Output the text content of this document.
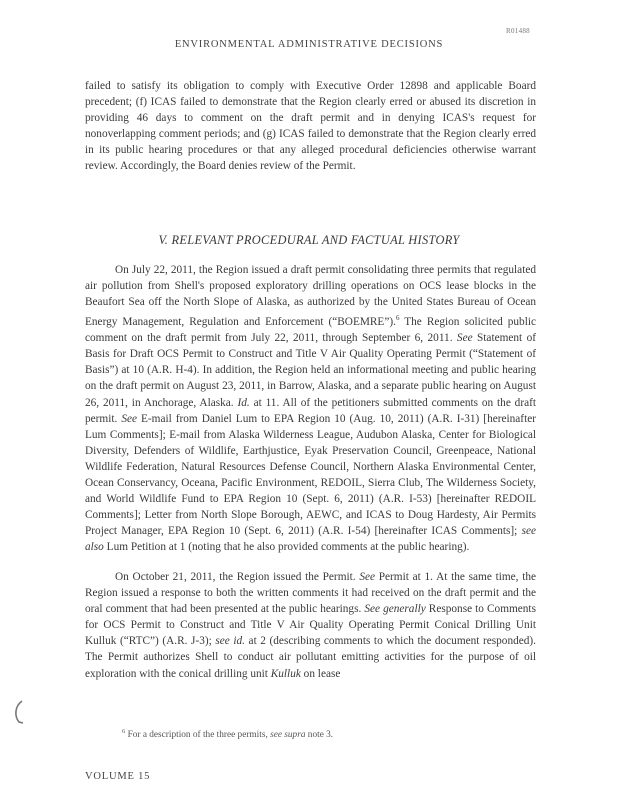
R01488
ENVIRONMENTAL ADMINISTRATIVE DECISIONS

failed to satisfy its obligation to comply with Executive Order 12898 and applicable Board precedent; (f) ICAS failed to demonstrate that the Region clearly erred or abused its discretion in providing 46 days to comment on the draft permit and in denying ICAS's request for nonoverlapping comment periods; and (g) ICAS failed to demonstrate that the Region clearly erred in its public hearing procedures or that any alleged procedural deficiencies otherwise warrant review. Accordingly, the Board denies review of the Permit.

V. RELEVANT PROCEDURAL AND FACTUAL HISTORY

On July 22, 2011, the Region issued a draft permit consolidating three permits that regulated air pollution from Shell's proposed exploratory drilling operations on OCS lease blocks in the Beaufort Sea off the North Slope of Alaska, as authorized by the United States Bureau of Ocean Energy Management, Regulation and Enforcement (“BOEMRE”).$^6$ The Region solicited public comment on the draft permit from July 22, 2011, through September 6, 2011. See Statement of Basis for Draft OCS Permit to Construct and Title V Air Quality Operating Permit (“Statement of Basis”) at 10 (A.R. H-4). In addition, the Region held an informational meeting and public hearing on the draft permit on August 23, 2011, in Barrow, Alaska, and a separate public hearing on August 26, 2011, in Anchorage, Alaska. Id. at 11. All of the petitioners submitted comments on the draft permit. See E-mail from Daniel Lum to EPA Region 10 (Aug. 10, 2011) (A.R. I-31) [hereinafter Lum Comments]; E-mail from Alaska Wilderness League, Audubon Alaska, Center for Biological Diversity, Defenders of Wildlife, Earthjustice, Eyak Preservation Council, Greenpeace, National Wildlife Federation, Natural Resources Defense Council, Northern Alaska Environmental Center, Ocean Conservancy, Oceana, Pacific Environment, REDOIL, Sierra Club, The Wilderness Society, and World Wildlife Fund to EPA Region 10 (Sept. 6, 2011) (A.R. I-53) [hereinafter REDOIL Comments]; Letter from North Slope Borough, AEWC, and ICAS to Doug Hardesty, Air Permits Project Manager, EPA Region 10 (Sept. 6, 2011) (A.R. I-54) [hereinafter ICAS Comments]; see also Lum Petition at 1 (noting that he also provided comments at the public hearing).

On October 21, 2011, the Region issued the Permit. See Permit at 1. At the same time, the Region issued a response to both the written comments it had received on the draft permit and the oral comment that had been presented at the public hearings. See generally Response to Comments for OCS Permit to Construct and Title V Air Quality Operating Permit Conical Drilling Unit Kulluk (“RTC”) (A.R. J-3); see id. at 2 (describing comments to which the document responded). The Permit authorizes Shell to conduct air pollutant emitting activities for the purpose of oil exploration with the conical drilling unit Kulluk on lease

$^6$ For a description of the three permits, see supra note 3.
VOLUME 15
